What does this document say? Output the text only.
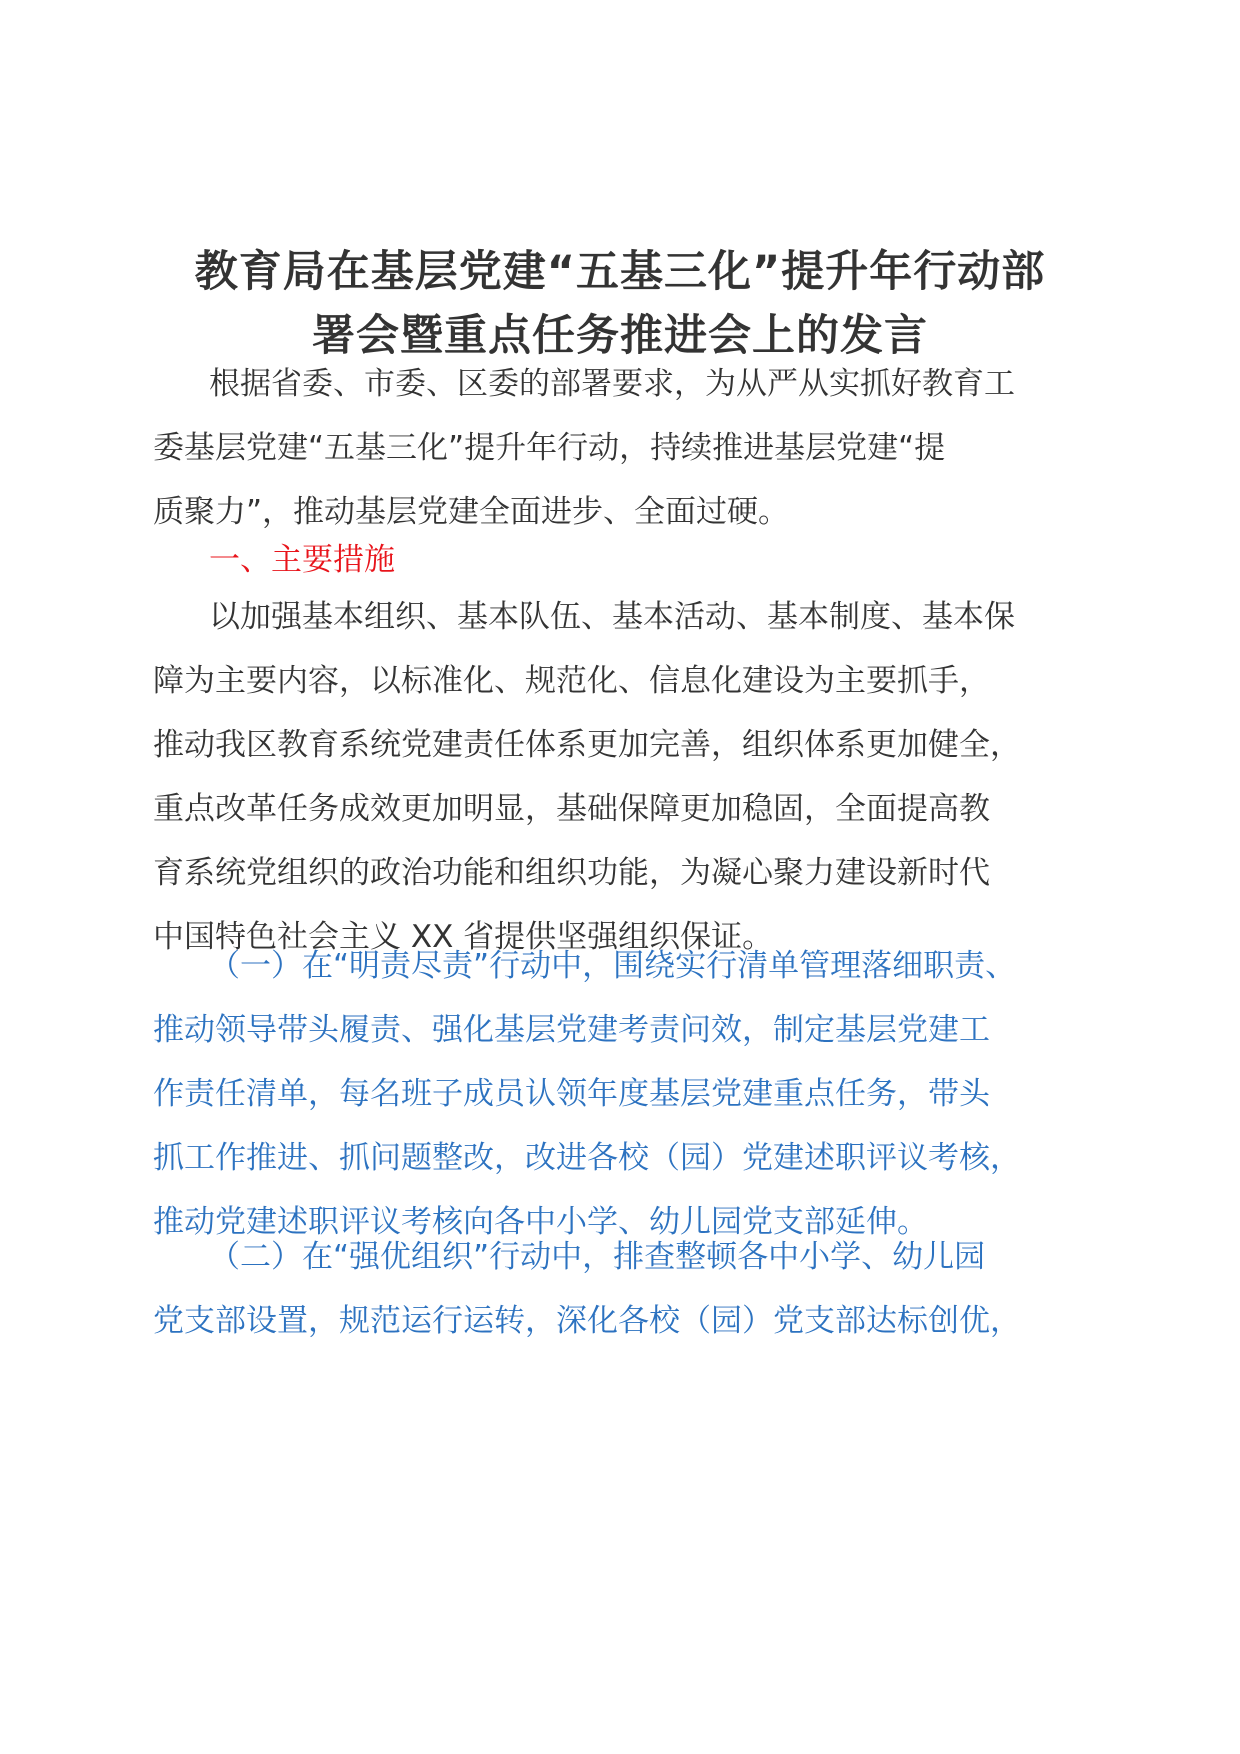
教育局在基层党建“五基三化”提升年行动部
署会暨重点任务推进会上的发言
根据省委、市委、区委的部署要求，为从严从实抓好教育工
委基层党建“五基三化”提升年行动，持续推进基层党建“提
质聚力”，推动基层党建全面进步、全面过硬。
一、主要措施
以加强基本组织、基本队伍、基本活动、基本制度、基本保
障为主要内容，以标准化、规范化、信息化建设为主要抓手，
推动我区教育系统党建责任体系更加完善，组织体系更加健全，
重点改革任务成效更加明显，基础保障更加稳固，全面提高教
育系统党组织的政治功能和组织功能，为凝心聚力建设新时代
中国特色社会主义 XX 省提供坚强组织保证。
（一）在“明责尽责”行动中，围绕实行清单管理落细职责、
推动领导带头履责、强化基层党建考责问效，制定基层党建工
作责任清单，每名班子成员认领年度基层党建重点任务，带头
抓工作推进、抓问题整改，改进各校（园）党建述职评议考核，
推动党建述职评议考核向各中小学、幼儿园党支部延伸。
（二）在“强优组织”行动中，排查整顿各中小学、幼儿园
党支部设置，规范运行运转，深化各校（园）党支部达标创优，
